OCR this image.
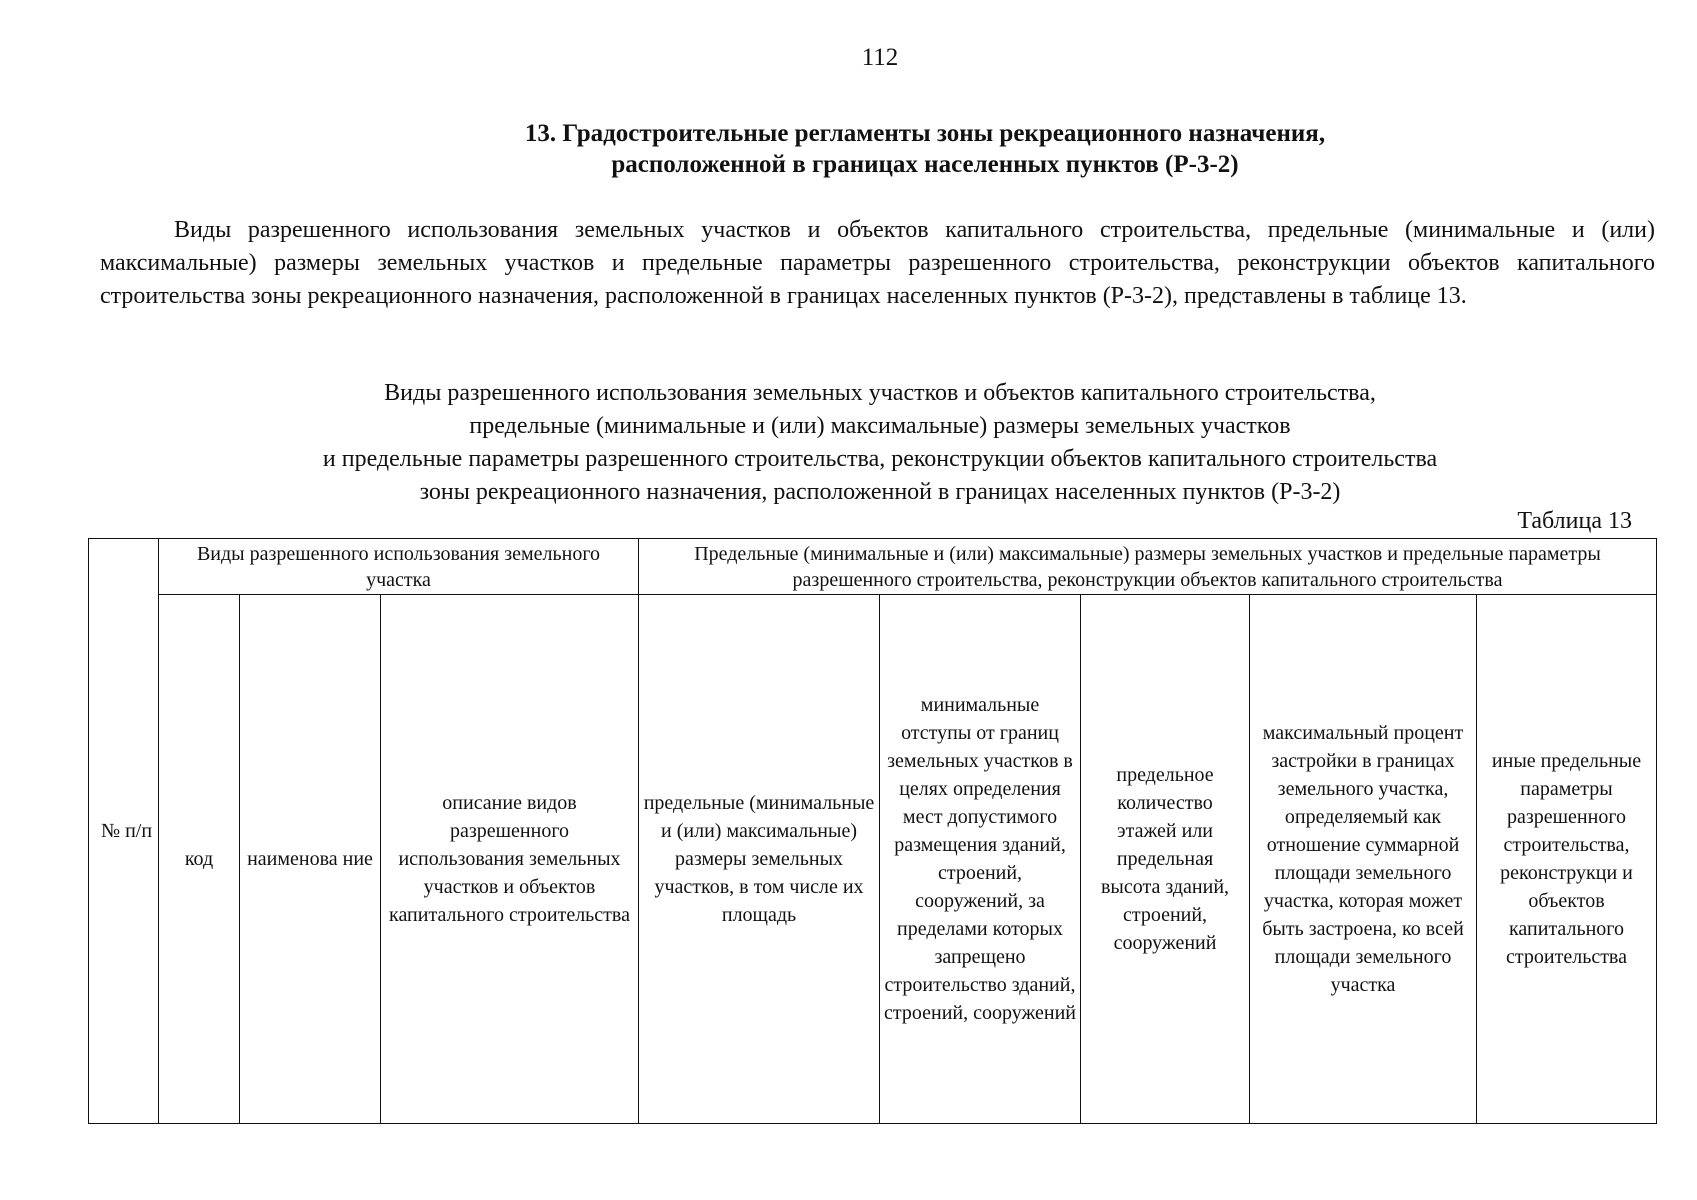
112
13. Градостроительные регламенты зоны рекреационного назначения,
расположенной в границах населенных пунктов (Р-3-2)

Виды разрешенного использования земельных участков и объектов капитального строительства, предельные (минимальные и (или) максимальные) размеры земельных участков и предельные параметры разрешенного строительства, реконструкции объектов капитального строительства зоны рекреационного назначения, расположенной в границах населенных пунктов (Р-3-2), представлены в таблице 13.

Виды разрешенного использования земельных участков и объектов капитального строительства,
предельные (минимальные и (или) максимальные) размеры земельных участков
и предельные параметры разрешенного строительства, реконструкции объектов капитального строительства
зоны рекреационного назначения, расположенной в границах населенных пунктов (Р-3-2)
Таблица 13
№ п/п	Виды разрешенного использования земельного участка			Предельные (минимальные и (или) максимальные) размеры земельных участков и предельные параметры разрешенного строительства, реконструкции объектов капитального строительства				
	код	наименова ние	описание видов разрешенного использования земельных участков и объектов капитального строительства	предельные (минимальные и (или) максимальные) размеры земельных участков, в том числе их площадь	минимальные отступы от границ земельных участков в целях определения мест допустимого размещения зданий, строений, сооружений, за пределами которых запрещено строительство зданий, строений, сооружений	предельное количество этажей или предельная высота зданий, строений, сооружений	максимальный процент застройки в границах земельного участка, определяемый как отношение суммарной площади земельного участка, которая может быть застроена, ко всей площади земельного участка	иные предельные параметры разрешенного строительства, реконструкци и объектов капитального строительства
